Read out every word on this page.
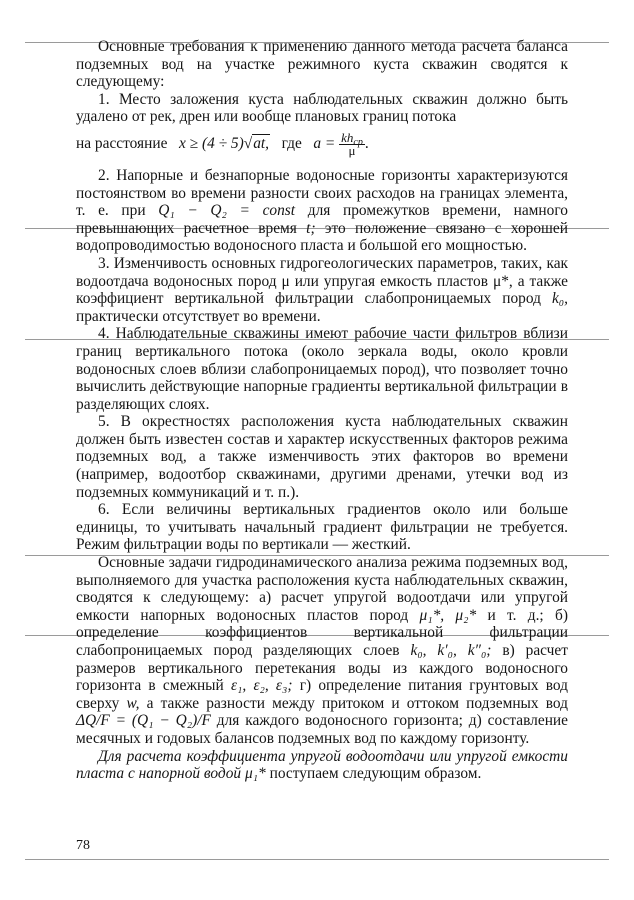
Основные требования к применению данного метода расчета баланса подземных вод на участке режимного куста скважин сводятся к следующему:

1. Место заложения куста наблюдательных скважин должно быть удалено от рек, дрен или вообще плановых границ потока

на расстояние x ≥ (4 ÷ 5)√at, где $a = \frac{kh_{ср}}{\mu}$ .

2. Напорные и безнапорные водоносные горизонты характеризуются постоянством во времени разности своих расходов на границах элемента, т. е. при Q₁ − Q₂ = const для промежутков времени, намного превышающих расчетное время t; это положение связано с хорошей водопроводимостью водоносного пласта и большой его мощностью.

3. Изменчивость основных гидрогеологических параметров, таких, как водоотдача водоносных пород μ или упругая емкость пластов μ*, а также коэффициент вертикальной фильтрации слабопроницаемых пород k₀, практически отсутствует во времени.

4. Наблюдательные скважины имеют рабочие части фильтров вблизи границ вертикального потока (около зеркала воды, около кровли водоносных слоев вблизи слабопроницаемых пород), что позволяет точно вычислить действующие напорные градиенты вертикальной фильтрации в разделяющих слоях.

5. В окрестностях расположения куста наблюдательных скважин должен быть известен состав и характер искусственных факторов режима подземных вод, а также изменчивость этих факторов во времени (например, водоотбор скважинами, другими дренами, утечки вод из подземных коммуникаций и т. п.).

6. Если величины вертикальных градиентов около или больше единицы, то учитывать начальный градиент фильтрации не требуется. Режим фильтрации воды по вертикали — жесткий.

Основные задачи гидродинамического анализа режима подземных вод, выполняемого для участка расположения куста наблюдательных скважин, сводятся к следующему: а) расчет упругой водоотдачи или упругой емкости напорных водоносных пластов пород μ₁*, μ₂* и т. д.; б) определение коэффициентов вертикальной фильтрации слабопроницаемых пород разделяющих слоев k₀, k′₀, k″₀; в) расчет размеров вертикального перетекания воды из каждого водоносного горизонта в смежный ε₁, ε₂, ε₃; г) определение питания грунтовых вод сверху w, а также разности между притоком и оттоком подземных вод ΔQ/F = (Q₁ − Q₂)/F для каждого водоносного горизонта; д) составление месячных и годовых балансов подземных вод по каждому горизонту.

Для расчета коэффициента упругой водоотдачи или упругой емкости пласта с напорной водой μ₁* поступаем следующим образом.

78
